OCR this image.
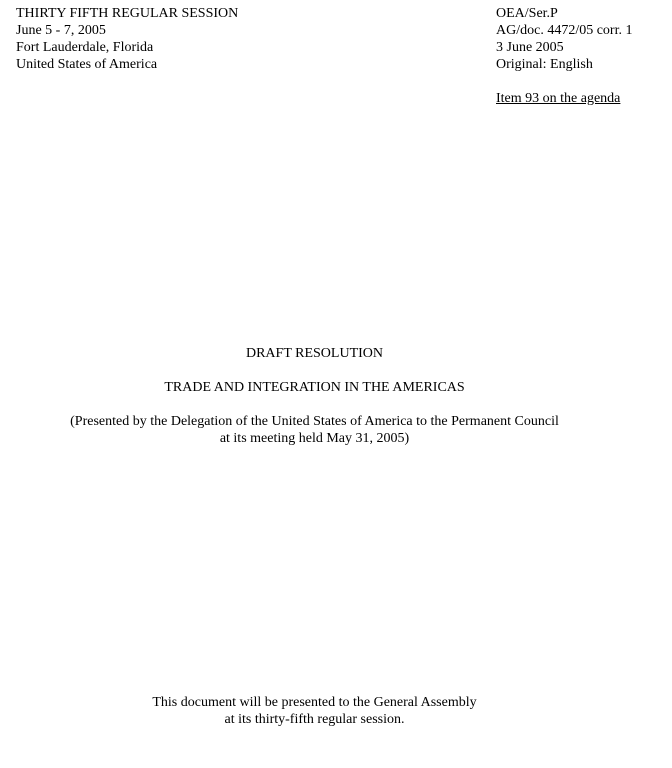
THIRTY FIFTH REGULAR SESSION
June 5 - 7, 2005
Fort Lauderdale, Florida
United States of America
OEA/Ser.P
AG/doc. 4472/05 corr. 1
3 June 2005
Original: English
Item 93 on the agenda
DRAFT RESOLUTION
TRADE AND INTEGRATION IN THE AMERICAS
(Presented by the Delegation of the United States of America to the Permanent Council
at its meeting held May 31, 2005)
This document will be presented to the General Assembly
at its thirty-fifth regular session.
